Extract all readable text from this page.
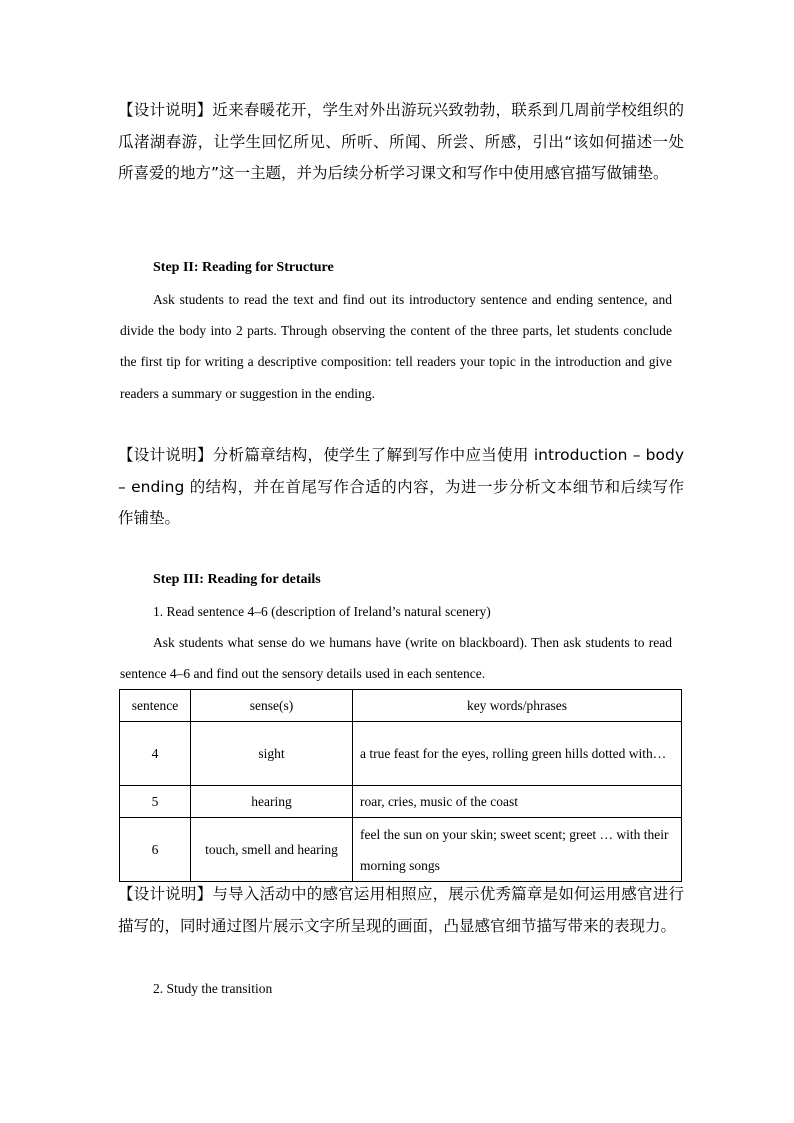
【设计说明】近来春暖花开，学生对外出游玩兴致勃勃，联系到几周前学校组织的瓜渚湖春游，让学生回忆所见、所听、所闻、所尝、所感，引出“该如何描述一处所喜爱的地方”这一主题，并为后续分析学习课文和写作中使用感官描写做铺垫。
Step II: Reading for Structure
Ask students to read the text and find out its introductory sentence and ending sentence, and divide the body into 2 parts. Through observing the content of the three parts, let students conclude the first tip for writing a descriptive composition: tell readers your topic in the introduction and give readers a summary or suggestion in the ending.
【设计说明】分析篇章结构，使学生了解到写作中应当使用 introduction – body – ending 的结构，并在首尾写作合适的内容，为进一步分析文本细节和后续写作作铺垫。
Step III: Reading for details
1. Read sentence 4–6 (description of Ireland’s natural scenery)
Ask students what sense do we humans have (write on blackboard). Then ask students to read sentence 4–6 and find out the sensory details used in each sentence.
sentence	sense(s)	key words/phrases
4	sight	a true feast for the eyes, rolling green hills dotted with…
5	hearing	roar, cries, music of the coast
6	touch, smell and hearing	feel the sun on your skin; sweet scent; greet … with their morning songs
【设计说明】与导入活动中的感官运用相照应，展示优秀篇章是如何运用感官进行描写的，同时通过图片展示文字所呈现的画面，凸显感官细节描写带来的表现力。
2. Study the transition
